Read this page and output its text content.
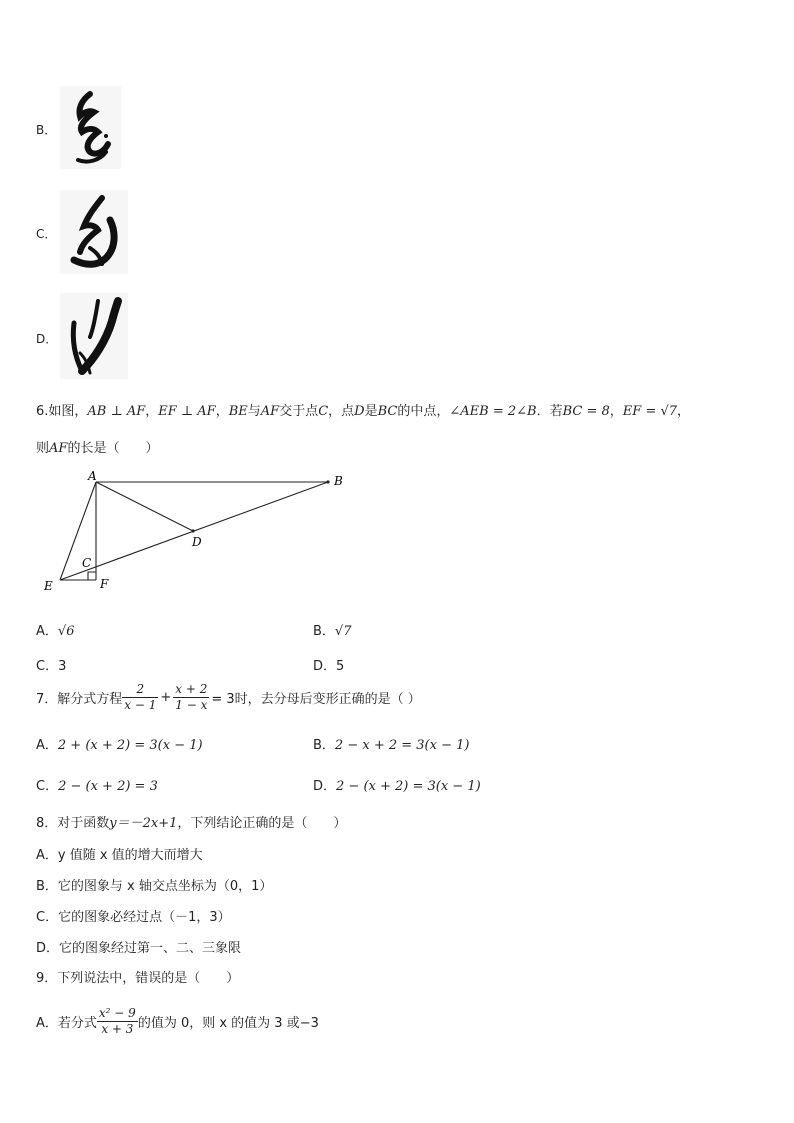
B．
C．
D．
6.如图，AB ⊥ AF，EF ⊥ AF，BE与AF交于点C，点D是BC的中点，∠AEB = 2∠B．若BC = 8，EF = √7，
则AF的长是（　　）
A	B
C
D
E	F
A．√6	B．√7
C．3	D．5
7．解分式方程 $\frac{2}{x - 1} + \frac{x + 2}{1 - x} = 3$时，去分母后变形正确的是（ ）
A．2 + (x + 2) = 3(x − 1)	B．2 − x + 2 = 3(x − 1)
C．2 − (x + 2) = 3	D．2 − (x + 2) = 3(x − 1)
8．对于函数y＝－2x+1，下列结论正确的是（　　）
A．y 值随 x 值的增大而增大
B．它的图象与 x 轴交点坐标为（0，1）
C．它的图象必经过点（－1，3）
D．它的图象经过第一、二、三象限
9．下列说法中，错误的是（　　）
A．若分式 $\frac{\text{x² − 9}}{x + 3}$ 的值为 0，则 x 的值为 3 或−3
